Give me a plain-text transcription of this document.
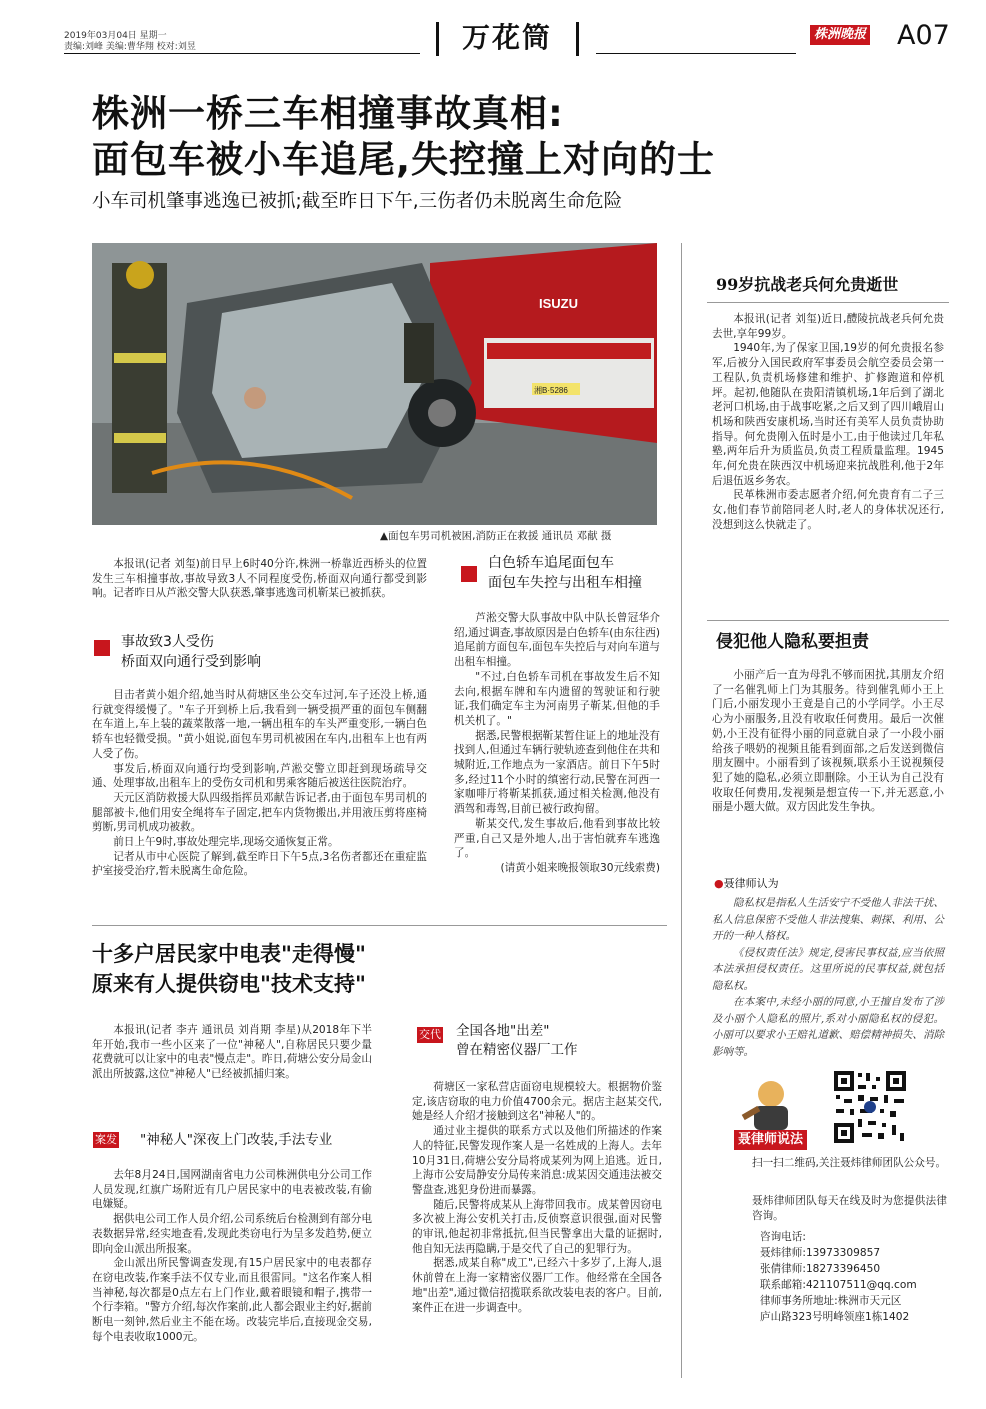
2019年03月04日 星期一
责编:刘峰 美编:曹华翔 校对:刘昱	万花筒	株洲晚报 A07
株洲一桥三车相撞事故真相:
面包车被小车追尾,失控撞上对向的士
小车司机肇事逃逸已被抓;截至昨日下午,三伤者仍未脱离生命危险
ISUZU
湘B·5286
▲面包车男司机被困,消防正在救援 通讯员 邓献 摄

本报讯(记者 刘玺)前日早上6时40分许,株洲一桥靠近西桥头的位置发生三车相撞事故,事故导致3人不同程度受伤,桥面双向通行都受到影响。记者昨日从芦淞交警大队获悉,肇事逃逸司机靳某已被抓获。

事故致3人受伤
桥面双向通行受到影响

目击者黄小姐介绍,她当时从荷塘区坐公交车过河,车子还没上桥,通行就变得缓慢了。"车子开到桥上后,我看到一辆受损严重的面包车侧翻在车道上,车上装的蔬菜散落一地,一辆出租车的车头严重变形,一辆白色轿车也轻微受损。"黄小姐说,面包车男司机被困在车内,出租车上也有两人受了伤。

事发后,桥面双向通行均受到影响,芦淞交警立即赶到现场疏导交通、处理事故,出租车上的受伤女司机和男乘客随后被送往医院治疗。

天元区消防救援大队四级指挥员邓献告诉记者,由于面包车男司机的腿部被卡,他们用安全绳将车子固定,把车内货物搬出,并用液压剪将座椅剪断,男司机成功被救。

前日上午9时,事故处理完毕,现场交通恢复正常。

记者从市中心医院了解到,截至昨日下午5点,3名伤者都还在重症监护室接受治疗,暂未脱离生命危险。

白色轿车追尾面包车
面包车失控与出租车相撞

芦淞交警大队事故中队中队长曾冠华介绍,通过调查,事故原因是白色轿车(由东往西)追尾前方面包车,面包车失控后与对向车道与出租车相撞。

"不过,白色轿车司机在事故发生后不知去向,根据车牌和车内遗留的驾驶证和行驶证,我们确定车主为河南男子靳某,但他的手机关机了。"

据悉,民警根据靳某暂住证上的地址没有找到人,但通过车辆行驶轨迹查到他住在共和城附近,工作地点为一家酒店。前日下午5时多,经过11个小时的缜密行动,民警在河西一家咖啡厅将靳某抓获,通过相关检测,他没有酒驾和毒驾,目前已被行政拘留。

靳某交代,发生事故后,他看到事故比较严重,自己又是外地人,出于害怕就弃车逃逸了。

(请黄小姐来晚报领取30元线索费)

99岁抗战老兵何允贵逝世

本报讯(记者 刘玺)近日,醴陵抗战老兵何允贵去世,享年99岁。

1940年,为了保家卫国,19岁的何允贵报名参军,后被分入国民政府军事委员会航空委员会第一工程队,负责机场修建和维护、扩修跑道和停机坪。起初,他随队在贵阳清镇机场,1年后到了湖北老河口机场,由于战事吃紧,之后又到了四川峨眉山机场和陕西安康机场,当时还有美军人员负责协助指导。何允贵刚入伍时是小工,由于他读过几年私塾,两年后升为质监员,负责工程质量监理。1945年,何允贵在陕西汉中机场迎来抗战胜利,他于2年后退伍返乡务农。

民革株洲市委志愿者介绍,何允贵育有二子三女,他们春节前陪同老人时,老人的身体状况还行,没想到这么快就走了。

侵犯他人隐私要担责

小丽产后一直为母乳不够而困扰,其朋友介绍了一名催乳师上门为其服务。待到催乳师小王上门后,小丽发现小王竟是自己的小学同学。小王尽心为小丽服务,且没有收取任何费用。最后一次催奶,小王没有征得小丽的同意就自录了一小段小丽给孩子喂奶的视频且能看到面部,之后发送到微信朋友圈中。小丽看到了该视频,联系小王说视频侵犯了她的隐私,必须立即删除。小王认为自己没有收取任何费用,发视频是想宣传一下,并无恶意,小丽是小题大做。双方因此发生争执。

●聂律师认为

隐私权是指私人生活安宁不受他人非法干扰、私人信息保密不受他人非法搜集、刺探、利用、公开的一种人格权。

《侵权责任法》规定,侵害民事权益,应当依照本法承担侵权责任。这里所说的民事权益,就包括隐私权。

在本案中,未经小丽的同意,小王擅自发布了涉及小丽个人隐私的照片,系对小丽隐私权的侵犯。小丽可以要求小王赔礼道歉、赔偿精神损失、消除影响等。

聂律师说法
扫一扫二维码,关注聂炜律师团队公众号。
聂炜律师团队每天在线及时为您提供法律咨询。
咨询电话:
聂炜律师:13973309857
张倩律师:18273396450
联系邮箱:421107511@qq.com
律师事务所地址:株洲市天元区
庐山路323号明峰领座1栋1402
十多户居民家中电表"走得慢"
原来有人提供窃电"技术支持"

本报讯(记者 李卉 通讯员 刘肖期 李星)从2018年下半年开始,我市一些小区来了一位"神秘人",自称居民只要少量花费就可以让家中的电表"慢点走"。昨日,荷塘公安分局金山派出所披露,这位"神秘人"已经被抓捕归案。

案发 "神秘人"深夜上门改装,手法专业

去年8月24日,国网湖南省电力公司株洲供电分公司工作人员发现,红旗广场附近有几户居民家中的电表被改装,有偷电嫌疑。

据供电公司工作人员介绍,公司系统后台检测到有部分电表数据异常,经实地查看,发现此类窃电行为呈多发趋势,便立即向金山派出所报案。

金山派出所民警调查发现,有15户居民家中的电表都存在窃电改装,作案手法不仅专业,而且很雷同。"这名作案人相当神秘,每次都是0点左右上门作业,戴着眼镜和帽子,携带一个行李箱。"警方介绍,每次作案前,此人都会跟业主约好,据前断电一刻钟,然后业主不能在场。改装完毕后,直接现金交易,每个电表收取1000元。

交代 全国各地"出差"
曾在精密仪器厂工作

荷塘区一家私营店面窃电规模较大。根据物价鉴定,该店窃取的电力价值4700余元。据店主赵某交代,她是经人介绍才接触到这名"神秘人"的。

通过业主提供的联系方式以及他们所描述的作案人的特征,民警发现作案人是一名姓成的上海人。去年10月31日,荷塘公安分局将成某列为网上追逃。近日,上海市公安局静安分局传来消息:成某因交通违法被交警盘查,逃犯身份进而暴露。

随后,民警将成某从上海带回我市。成某曾因窃电多次被上海公安机关打击,反侦察意识很强,面对民警的审讯,他起初非常抵抗,但当民警拿出大量的证据时,他自知无法再隐瞒,于是交代了自己的犯罪行为。

据悉,成某自称"成工",已经六十多岁了,上海人,退休前曾在上海一家精密仪器厂工作。他经常在全国各地"出差",通过微信招揽联系欲改装电表的客户。目前,案件正在进一步调查中。
